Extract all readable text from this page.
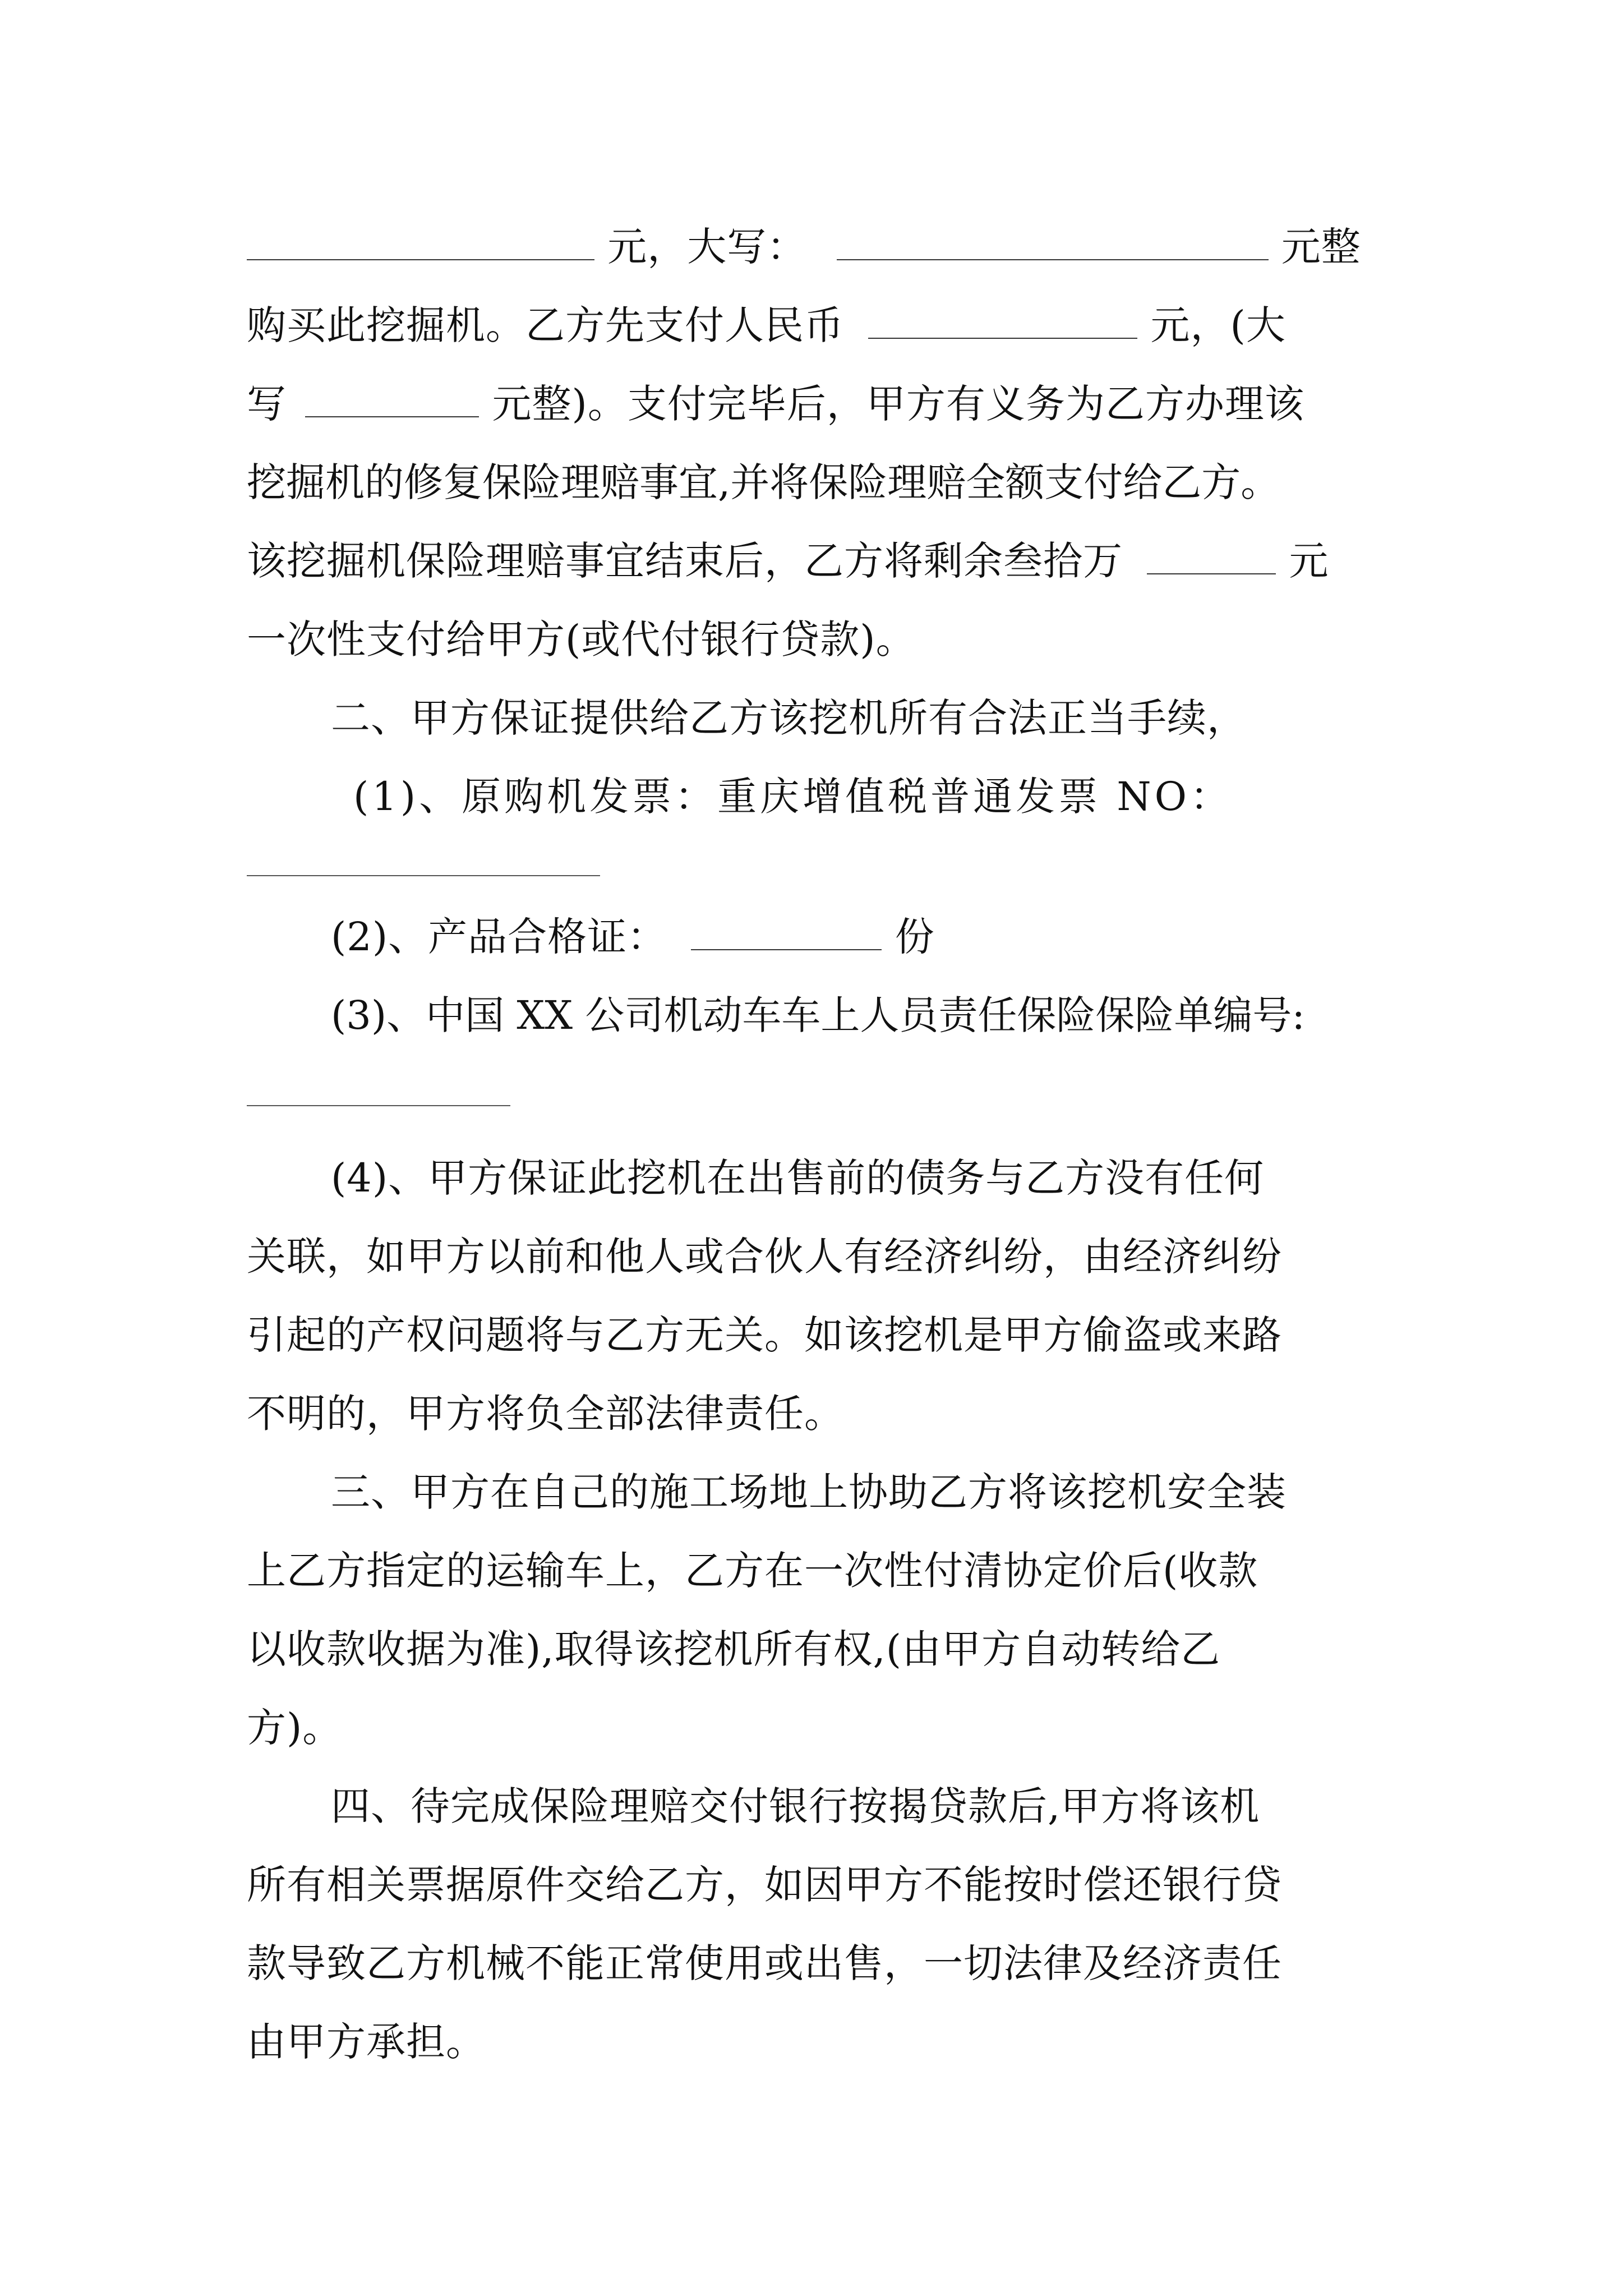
元，大写：	元整
购买此挖掘机。乙方先支付人民币	元，(大
写	元整)。支付完毕后，甲方有义务为乙方办理该
挖掘机的修复保险理赔事宜,并将保险理赔全额支付给乙方。
该挖掘机保险理赔事宜结束后，乙方将剩余叁拾万	元
一次性支付给甲方(或代付银行贷款)。
二、甲方保证提供给乙方该挖机所有合法正当手续，
(1)、原购机发票：重庆增值税普通发票 NO：
(2)、产品合格证：	份
(3)、中国 XX 公司机动车车上人员责任保险保险单编号:
(4)、甲方保证此挖机在出售前的债务与乙方没有任何
关联，如甲方以前和他人或合伙人有经济纠纷，由经济纠纷
引起的产权问题将与乙方无关。如该挖机是甲方偷盗或来路
不明的，甲方将负全部法律责任。
三、甲方在自己的施工场地上协助乙方将该挖机安全装
上乙方指定的运输车上，乙方在一次性付清协定价后(收款
以收款收据为准),取得该挖机所有权,(由甲方自动转给乙
方)。
四、待完成保险理赔交付银行按揭贷款后,甲方将该机
所有相关票据原件交给乙方，如因甲方不能按时偿还银行贷
款导致乙方机械不能正常使用或出售，一切法律及经济责任
由甲方承担。
